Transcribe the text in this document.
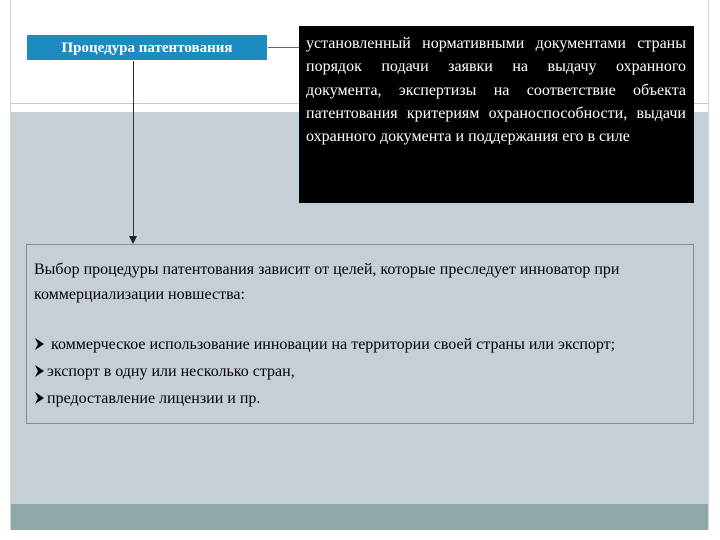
Процедура патентования	установленный нормативными документами страны порядок подачи заявки на выдачу охранного документа, экспертизы на соответствие объекта патентования критериям охраноспособности, выдачи охранного документа и поддержания его в силе

Выбор процедуры патентования зависит от целей, которые преследует инноватор при коммерциализации новшества:

коммерческое использование инновации на территории своей страны или экспорт;
экспорт в одну или несколько стран,
предоставление лицензии и пр.
